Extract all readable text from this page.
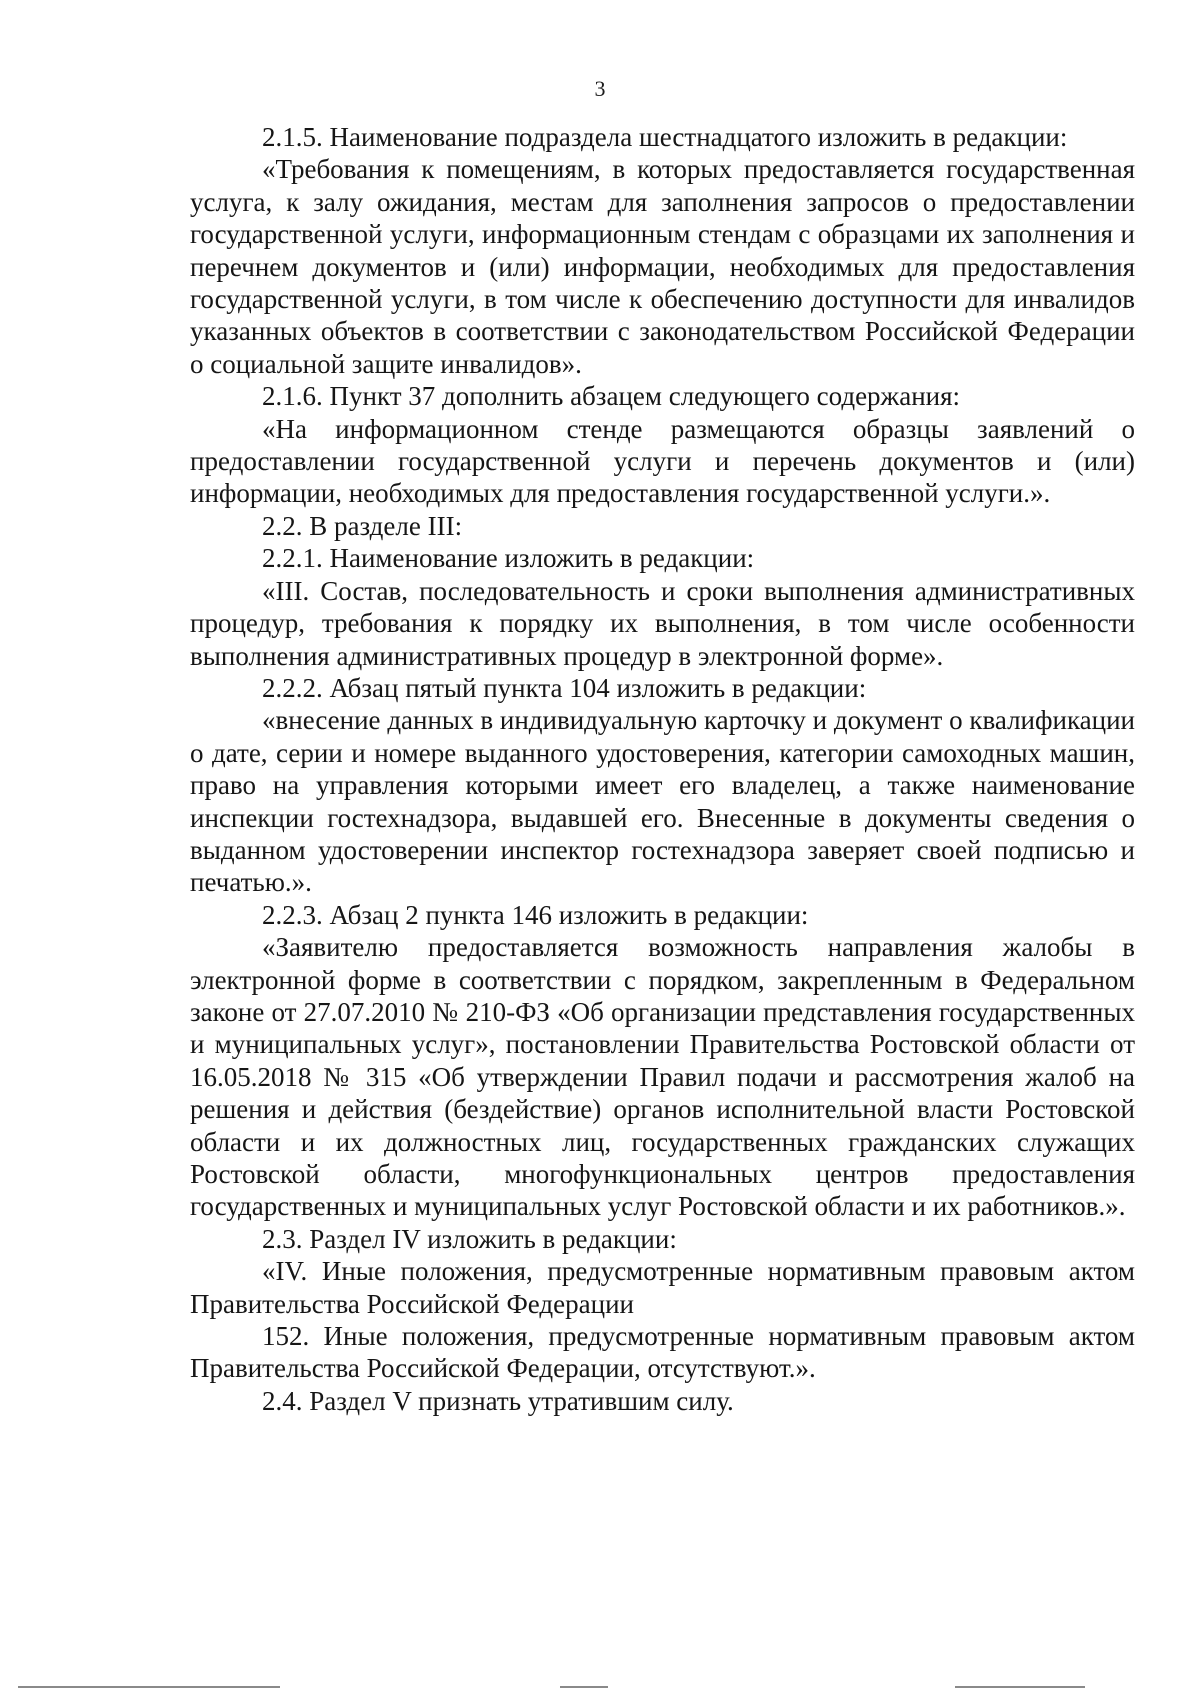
3

2.1.5. Наименование подраздела шестнадцатого изложить в редакции:

«Требования к помещениям, в которых предоставляется государственная услуга, к залу ожидания, местам для заполнения запросов о предоставлении государственной услуги, информационным стендам с образцами их заполнения и перечнем документов и (или) информации, необходимых для предоставления государственной услуги, в том числе к обеспечению доступности для инвалидов указанных объектов в соответствии с законодательством Российской Федерации о социальной защите инвалидов».

2.1.6. Пункт 37 дополнить абзацем следующего содержания:

«На информационном стенде размещаются образцы заявлений о предоставлении государственной услуги и перечень документов и (или) информации, необходимых для предоставления государственной услуги.».

2.2. В разделе III:

2.2.1. Наименование изложить в редакции:

«III. Состав, последовательность и сроки выполнения административных процедур, требования к порядку их выполнения, в том числе особенности выполнения административных процедур в электронной форме».

2.2.2. Абзац пятый пункта 104 изложить в редакции:

«внесение данных в индивидуальную карточку и документ о квалификации о дате, серии и номере выданного удостоверения, категории самоходных машин, право на управления которыми имеет его владелец, а также наименование инспекции гостехнадзора, выдавшей его. Внесенные в документы сведения о выданном удостоверении инспектор гостехнадзора заверяет своей подписью и печатью.».

2.2.3. Абзац 2 пункта 146 изложить в редакции:

«Заявителю предоставляется возможность направления жалобы в электронной форме в соответствии с порядком, закрепленным в Федеральном законе от 27.07.2010 № 210-ФЗ «Об организации представления государственных и муниципальных услуг», постановлении Правительства Ростовской области от 16.05.2018 № 315 «Об утверждении Правил подачи и рассмотрения жалоб на решения и действия (бездействие) органов исполнительной власти Ростовской области и их должностных лиц, государственных гражданских служащих Ростовской области, многофункциональных центров предоставления государственных и муниципальных услуг Ростовской области и их работников.».

2.3. Раздел IV изложить в редакции:

«IV. Иные положения, предусмотренные нормативным правовым актом Правительства Российской Федерации

152. Иные положения, предусмотренные нормативным правовым актом Правительства Российской Федерации, отсутствуют.».

2.4. Раздел V признать утратившим силу.
